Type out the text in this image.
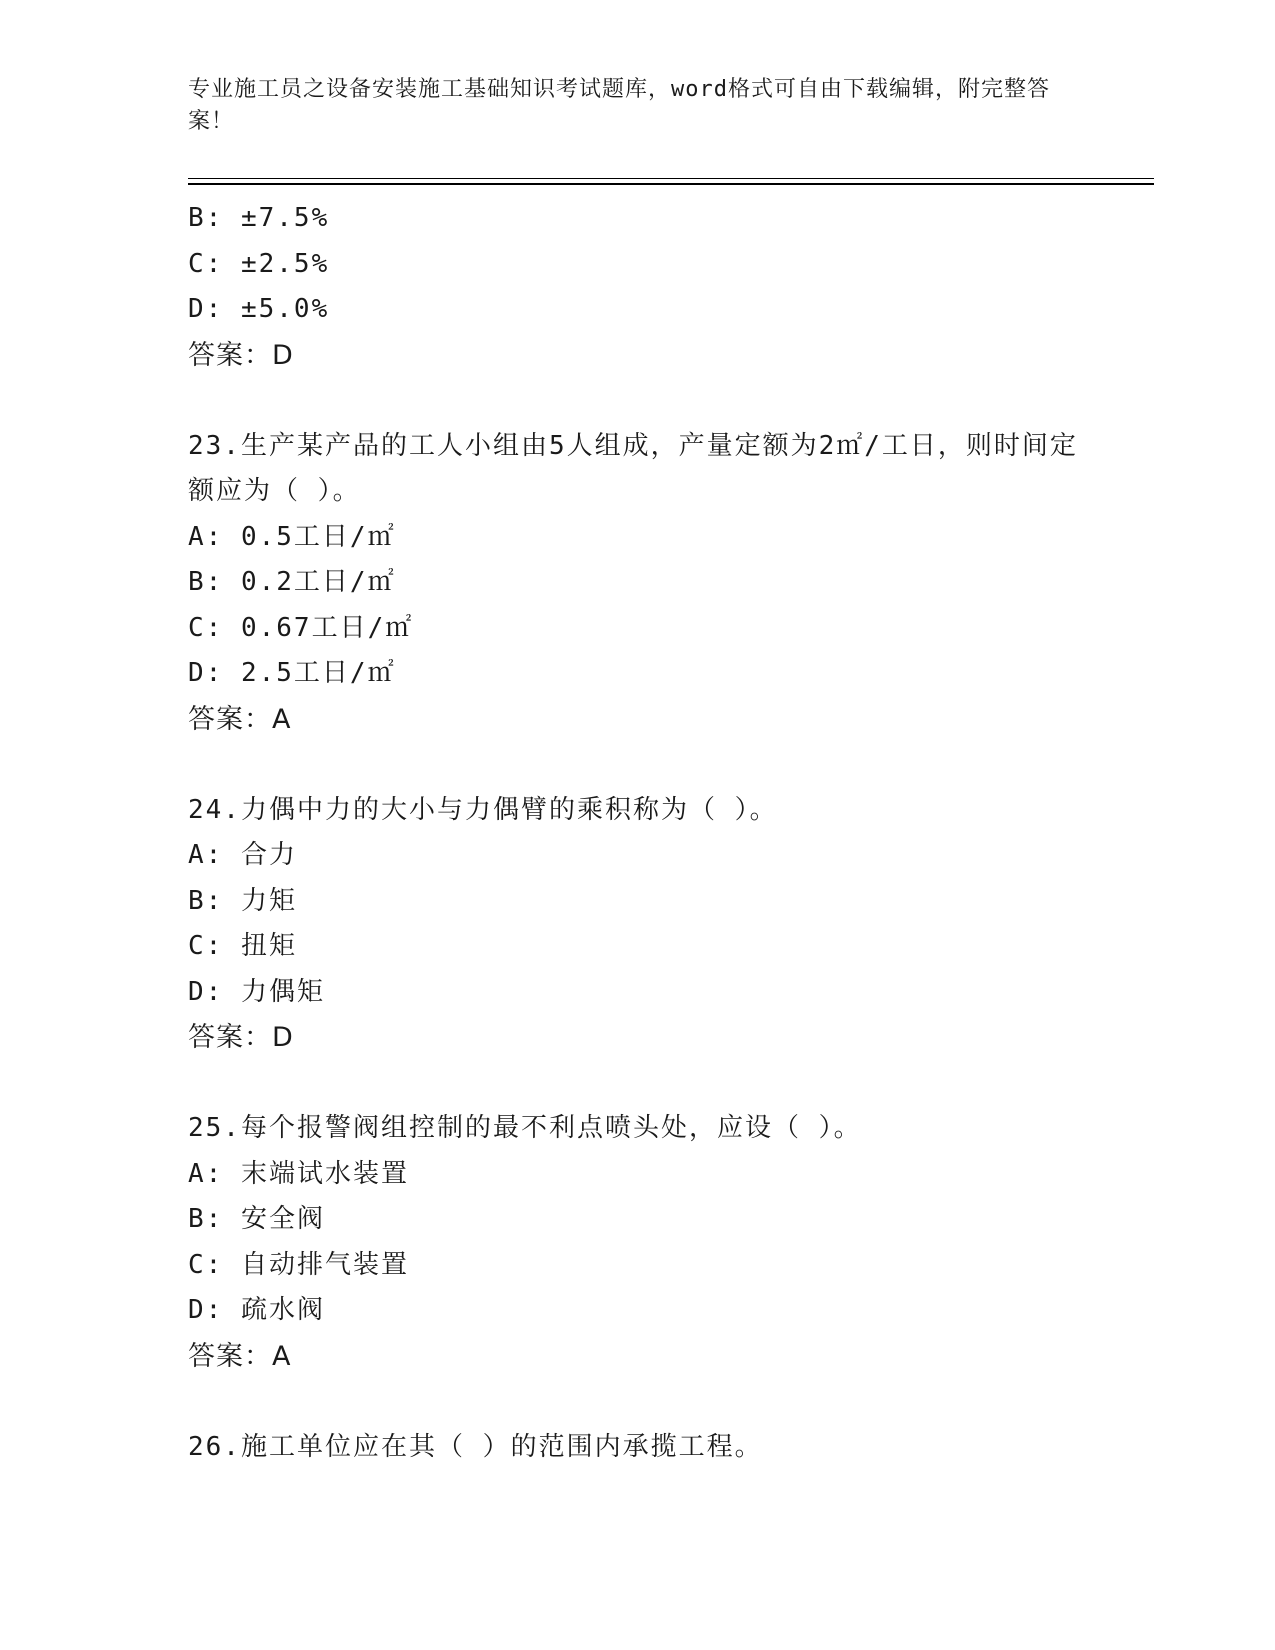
专业施工员之设备安装施工基础知识考试题库，word格式可自由下载编辑，附完整答案！
B: ±7.5%
C: ±2.5%
D: ±5.0%
答案：D
23.生产某产品的工人小组由5人组成，产量定额为2㎡/工日，则时间定额应为（ ）。
A: 0.5工日/㎡
B: 0.2工日/㎡
C: 0.67工日/㎡
D: 2.5工日/㎡
答案：A
24.力偶中力的大小与力偶臂的乘积称为（ ）。
A: 合力
B: 力矩
C: 扭矩
D: 力偶矩
答案：D
25.每个报警阀组控制的最不利点喷头处，应设（ ）。
A: 末端试水装置
B: 安全阀
C: 自动排气装置
D: 疏水阀
答案：A
26.施工单位应在其（ ）的范围内承揽工程。
